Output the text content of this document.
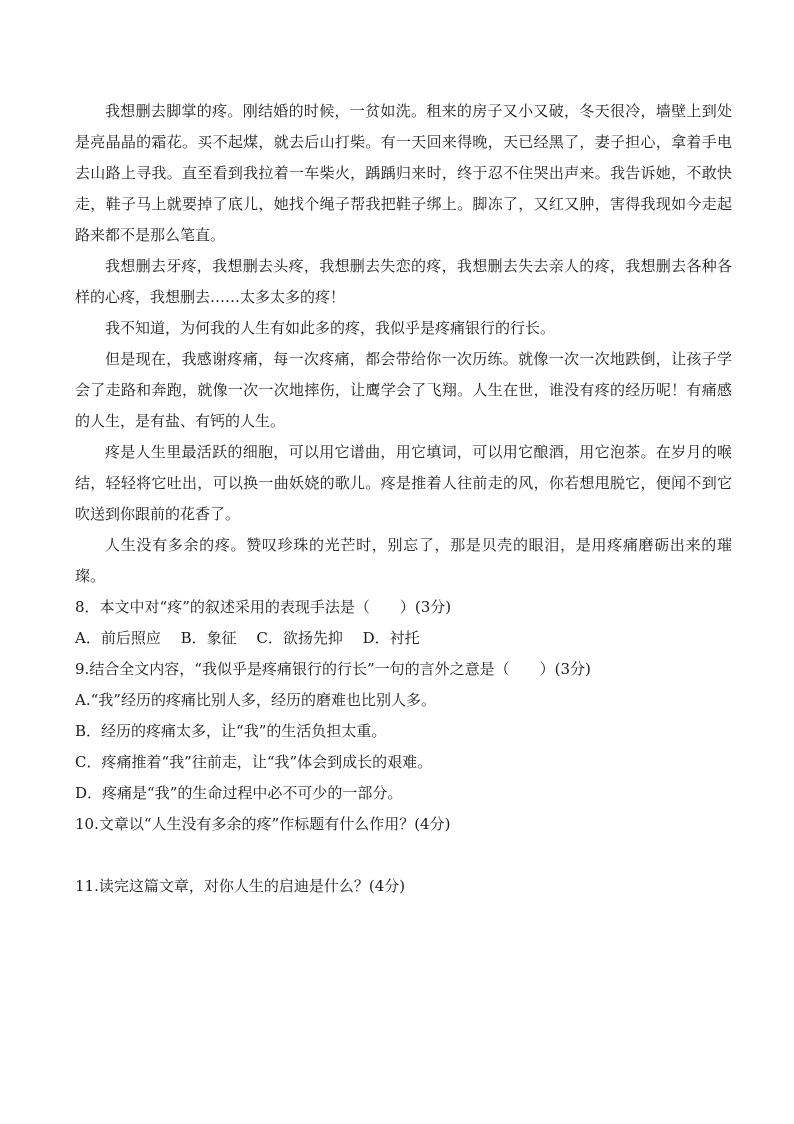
我想删去脚掌的疼。刚结婚的时候，一贫如洗。租来的房子又小又破，冬天很冷，墙壁上到处是亮晶晶的霜花。买不起煤，就去后山打柴。有一天回来得晚，天已经黑了，妻子担心，拿着手电去山路上寻我。直至看到我拉着一车柴火，踽踽归来时，终于忍不住哭出声来。我告诉她，不敢快走，鞋子马上就要掉了底儿，她找个绳子帮我把鞋子绑上。脚冻了，又红又肿，害得我现如今走起路来都不是那么笔直。

我想删去牙疼，我想删去头疼，我想删去失恋的疼，我想删去失去亲人的疼，我想删去各种各样的心疼，我想删去……太多太多的疼！

我不知道，为何我的人生有如此多的疼，我似乎是疼痛银行的行长。

但是现在，我感谢疼痛，每一次疼痛，都会带给你一次历练。就像一次一次地跌倒，让孩子学会了走路和奔跑，就像一次一次地摔伤，让鹰学会了飞翔。人生在世，谁没有疼的经历呢！有痛感的人生，是有盐、有钙的人生。

疼是人生里最活跃的细胞，可以用它谱曲，用它填词，可以用它酿酒，用它泡茶。在岁月的喉结，轻轻将它吐出，可以换一曲妖娆的歌儿。疼是推着人往前走的风，你若想甩脱它，便闻不到它吹送到你跟前的花香了。

人生没有多余的疼。赞叹珍珠的光芒时，别忘了，那是贝壳的眼泪，是用疼痛磨砺出来的璀璨。

8．本文中对“疼”的叙述采用的表现手法是（　　）(3分)

A．前后照应　 B．象征　 C．欲扬先抑　 D．衬托

9.结合全文内容，“我似乎是疼痛银行的行长”一句的言外之意是（　　）(3分)

A.“我”经历的疼痛比别人多，经历的磨难也比别人多。

B．经历的疼痛太多，让“我”的生活负担太重。

C．疼痛推着“我”往前走，让“我”体会到成长的艰难。

D．疼痛是“我”的生命过程中必不可少的一部分。

10.文章以“人生没有多余的疼”作标题有什么作用？(4分)

11.读完这篇文章，对你人生的启迪是什么？(4分)
